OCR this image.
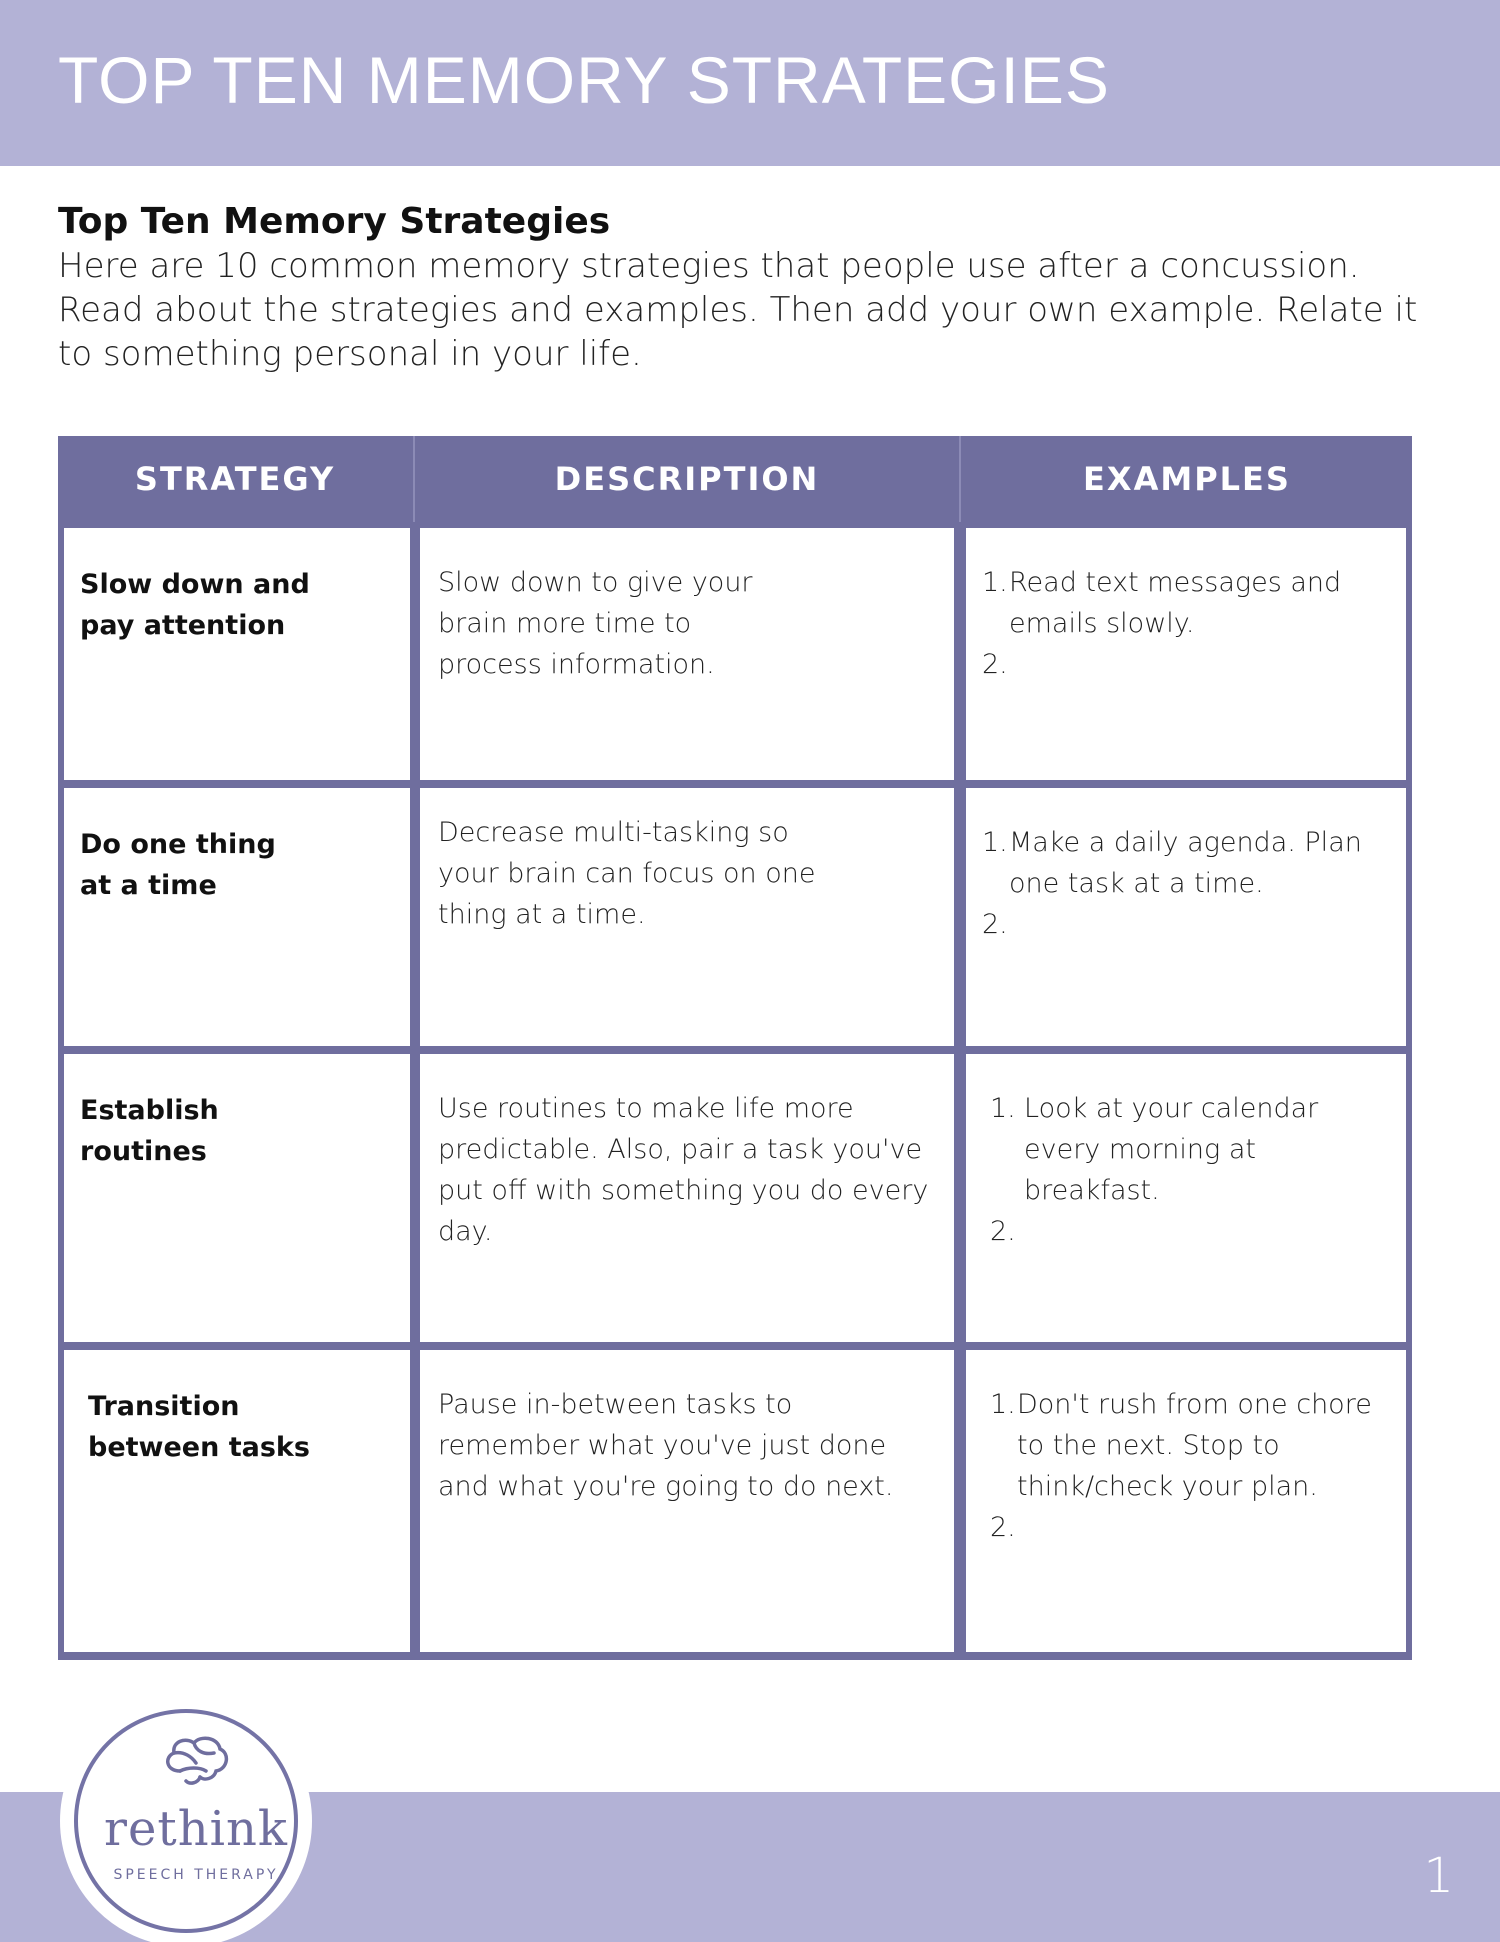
TOP TEN MEMORY STRATEGIES
Top Ten Memory Strategies
Here are 10 common memory strategies that people use after a concussion. Read about the strategies and examples. Then add your own example. Relate it to something personal in your life.
STRATEGY	DESCRIPTION	EXAMPLES
Slow down and pay attention
Slow down to give your brain more time to process information.
1. Read text messages and emails slowly.
2.
Do one thing at a time
Decrease multi-tasking so your brain can focus on one thing at a time.
1. Make a daily agenda. Plan one task at a time.
2.
Establish routines
Use routines to make life more predictable. Also, pair a task you've put off with something you do every day.
1. Look at your calendar every morning at breakfast.
2.
Transition between tasks
Pause in-between tasks to remember what you've just done and what you're going to do next.
1. Don't rush from one chore to the next. Stop to think/check your plan.
2.
1
rethink
SPEECH THERAPY
